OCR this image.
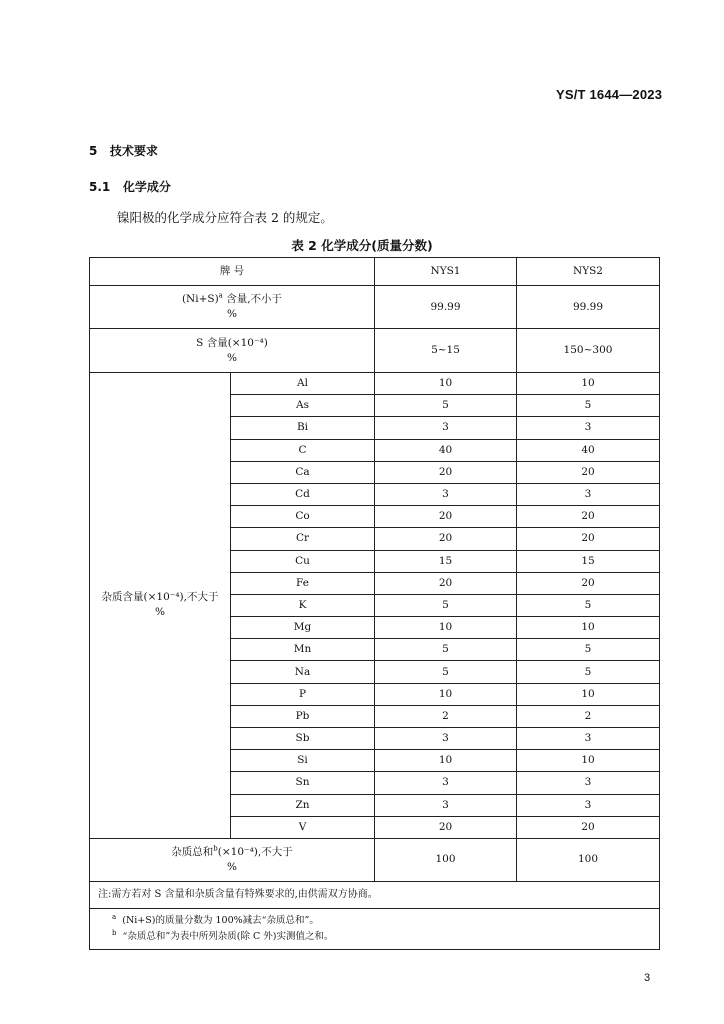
YS/T 1644—2023
5 技术要求
5.1 化学成分
镍阳极的化学成分应符合表 2 的规定。
表 2 化学成分(质量分数)
牌 号		NYS1	NYS2
$(Ni+S)^a$ 含量,不小于
%		99.99	99.99
S 含量(×10⁻⁴)
%		5~15	150~300
杂质含量(×10⁻⁴),不大于
%	Al	10	10
	As	5	5
	Bi	3	3
	C	40	40
	Ca	20	20
	Cd	3	3
	Co	20	20
	Cr	20	20
	Cu	15	15
	Fe	20	20
	K	5	5
	Mg	10	10
	Mn	5	5
	Na	5	5
	P	10	10
	Pb	2	2
	Sb	3	3
	Si	10	10
	Sn	3	3
	Zn	3	3
	V	20	20
杂质总和$^b$(×10⁻⁴),不大于
%		100	100
注:需方若对 S 含量和杂质含量有特殊要求的,由供需双方协商。			
$^a$ (Ni+S)的质量分数为 100%减去“杂质总和”。
$^b$ “杂质总和”为表中所列杂质(除 C 外)实测值之和。			
3
